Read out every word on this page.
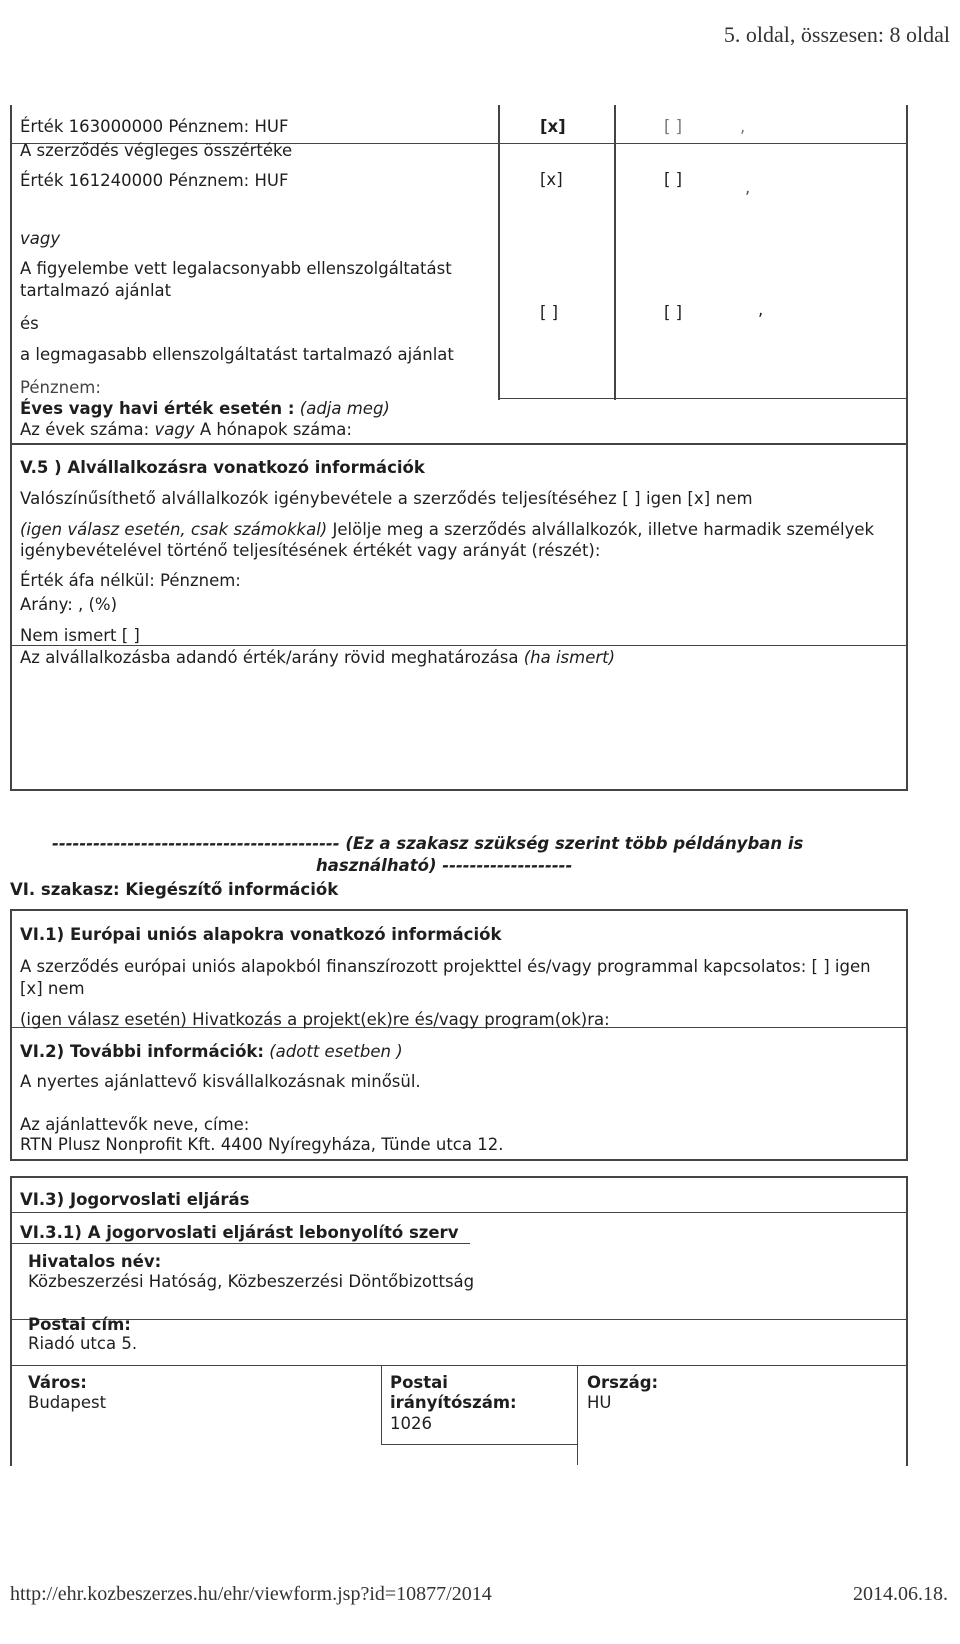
5. oldal, összesen: 8 oldal
Érték 163000000 Pénznem: HUF	[x]	[ ]	,
A szerződés végleges összértéke
Érték 161240000 Pénznem: HUF	[x]	[ ]	,
vagy
A figyelembe vett legalacsonyabb ellenszolgáltatást
tartalmazó ajánlat
és
[ ]	[ ]	,
a legmagasabb ellenszolgáltatást tartalmazó ajánlat
Pénznem:
Éves vagy havi érték esetén : (adja meg)
Az évek száma: vagy A hónapok száma:
V.5 ) Alvállalkozásra vonatkozó információk
Valószínűsíthető alvállalkozók igénybevétele a szerződés teljesítéséhez [ ] igen [x] nem
(igen válasz esetén, csak számokkal) Jelölje meg a szerződés alvállalkozók, illetve harmadik személyek
igénybevételével történő teljesítésének értékét vagy arányát (részét):
Érték áfa nélkül: Pénznem:
Arány: , (%)
Nem ismert [ ]
Az alvállalkozásba adandó érték/arány rövid meghatározása (ha ismert)
------------------------------------------ (Ez a szakasz szükség szerint több példányban is
használható) -------------------
VI. szakasz: Kiegészítő információk
VI.1) Európai uniós alapokra vonatkozó információk
A szerződés európai uniós alapokból finanszírozott projekttel és/vagy programmal kapcsolatos: [ ] igen
[x] nem
(igen válasz esetén) Hivatkozás a projekt(ek)re és/vagy program(ok)ra:
VI.2) További információk: (adott esetben )
A nyertes ajánlattevő kisvállalkozásnak minősül.
Az ajánlattevők neve, címe:
RTN Plusz Nonprofit Kft. 4400 Nyíregyháza, Tünde utca 12.
VI.3) Jogorvoslati eljárás
VI.3.1) A jogorvoslati eljárást lebonyolító szerv
Hivatalos név:
Közbeszerzési Hatóság, Közbeszerzési Döntőbizottság
Postai cím:
Riadó utca 5.
Város:
Budapest
Postai
irányítószám:
1026
Ország:
HU
http://ehr.kozbeszerzes.hu/ehr/viewform.jsp?id=10877/2014	2014.06.18.
